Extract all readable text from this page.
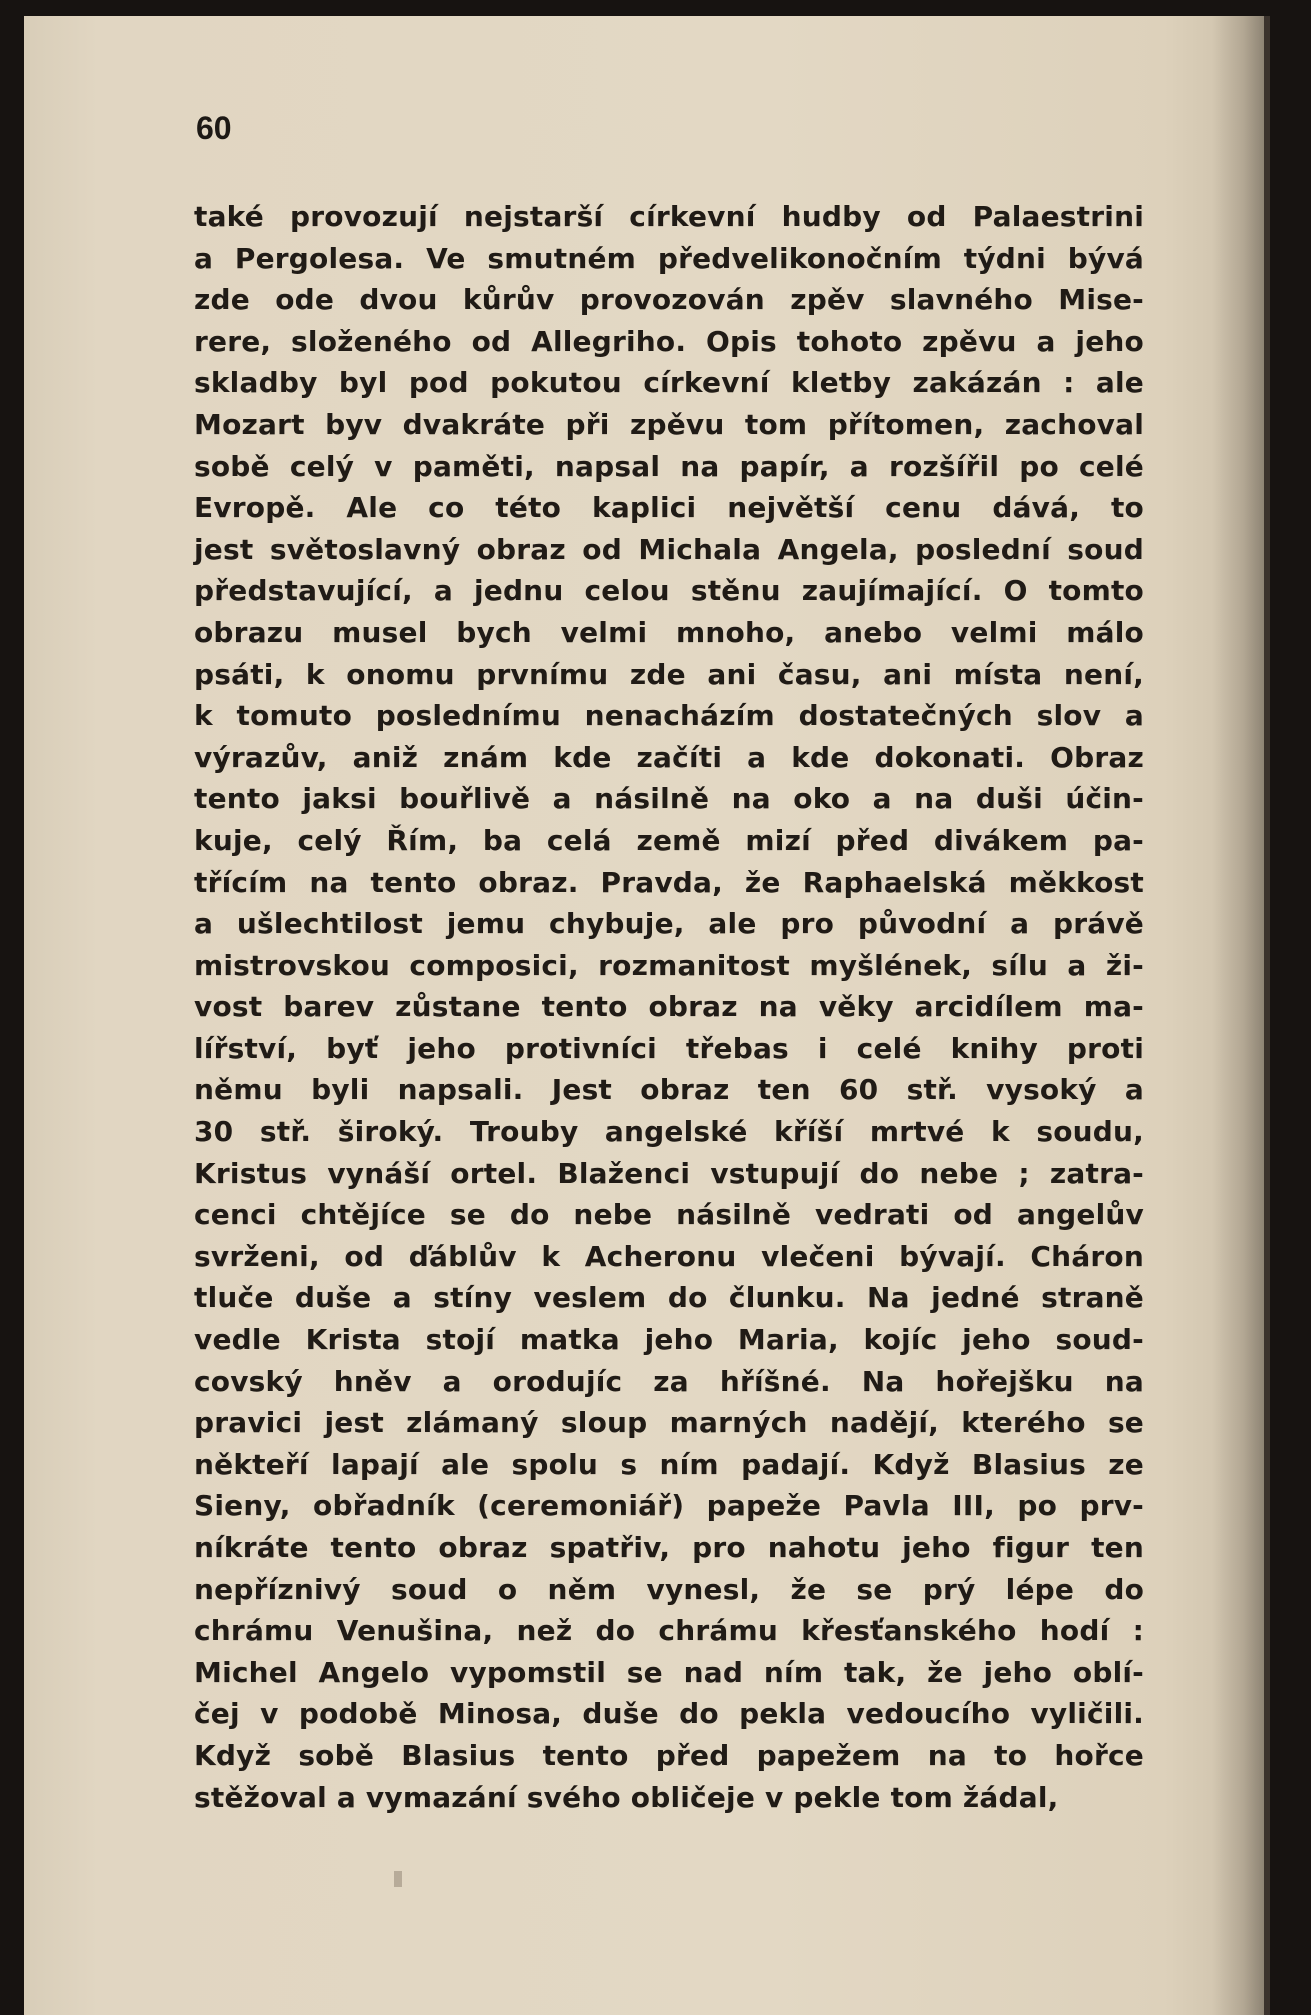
60
také provozují nejstarší církevní hudby od Palaestrini
a Pergolesa. Ve smutném předvelikonočním týdni bývá
zde ode dvou kůrův provozován zpěv slavného Mise-
rere, složeného od Allegriho. Opis tohoto zpěvu a jeho
skladby byl pod pokutou církevní kletby zakázán : ale
Mozart byv dvakráte při zpěvu tom přítomen, zachoval
sobě celý v paměti, napsal na papír, a rozšířil po celé
Evropě. Ale co této kaplici největší cenu dává, to
jest světoslavný obraz od Michala Angela, poslední soud
představující, a jednu celou stěnu zaujímající. O tomto
obrazu musel bych velmi mnoho, anebo velmi málo
psáti, k onomu prvnímu zde ani času, ani místa není,
k tomuto poslednímu nenacházím dostatečných slov a
výrazův, aniž znám kde začíti a kde dokonati. Obraz
tento jaksi bouřlivě a násilně na oko a na duši účin-
kuje, celý Řím, ba celá země mizí před divákem pa-
třícím na tento obraz. Pravda, že Raphaelská měkkost
a ušlechtilost jemu chybuje, ale pro původní a právě
mistrovskou composici, rozmanitost myšlének, sílu a ži-
vost barev zůstane tento obraz na věky arcidílem ma-
lířství, byť jeho protivníci třebas i celé knihy proti
němu byli napsali. Jest obraz ten 60 stř. vysoký a
30 stř. široký. Trouby angelské kříší mrtvé k soudu,
Kristus vynáší ortel. Blaženci vstupují do nebe ; zatra-
cenci chtějíce se do nebe násilně vedrati od angelův
svrženi, od ďáblův k Acheronu vlečeni bývají. Cháron
tluče duše a stíny veslem do člunku. Na jedné straně
vedle Krista stojí matka jeho Maria, kojíc jeho soud-
covský hněv a orodujíc za hříšné. Na hořejšku na
pravici jest zlámaný sloup marných nadějí, kterého se
někteří lapají ale spolu s ním padají. Když Blasius ze
Sieny, obřadník (ceremoniář) papeže Pavla III, po prv-
níkráte tento obraz spatřiv, pro nahotu jeho figur ten
nepříznivý soud o něm vynesl, že se prý lépe do
chrámu Venušina, než do chrámu křesťanského hodí :
Michel Angelo vypomstil se nad ním tak, že jeho oblí-
čej v podobě Minosa, duše do pekla vedoucího vyličili.
Když sobě Blasius tento před papežem na to hořce
stěžoval a vymazání svého obličeje v pekle tom žádal,
